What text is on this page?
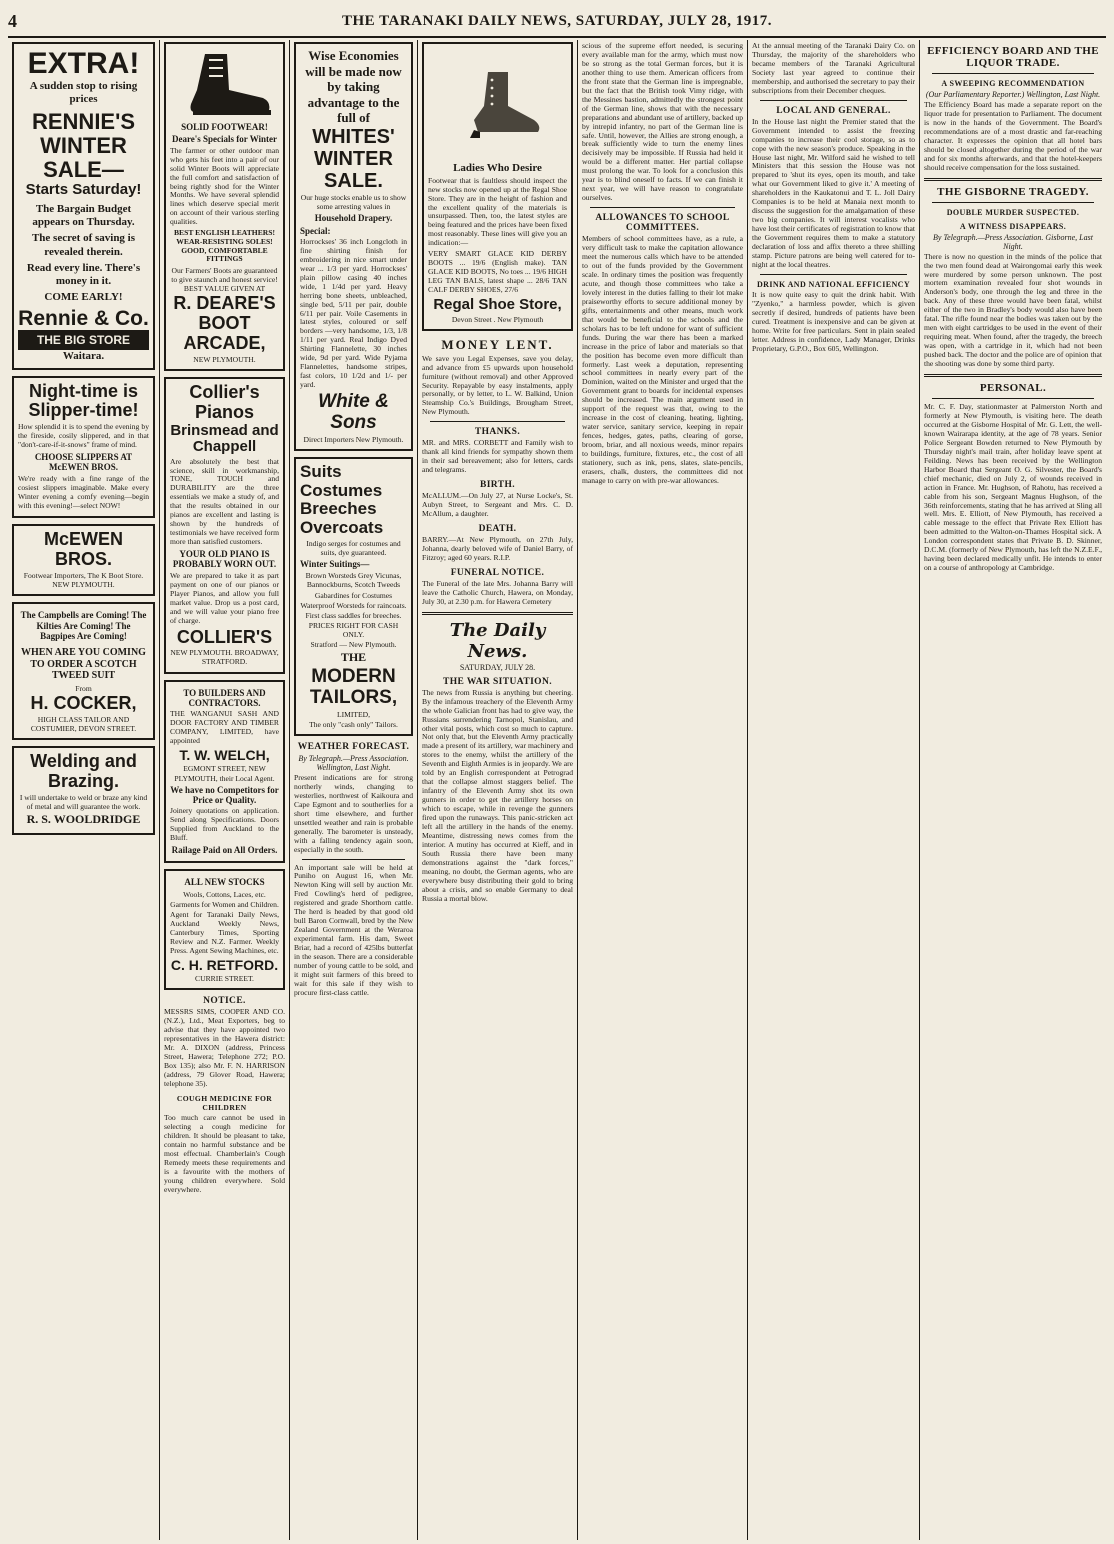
4	THE TARANAKI DAILY NEWS, SATURDAY, JULY 28, 1917.
EXTRA!
A sudden stop to rising prices
RENNIE'S WINTER SALE—
Starts Saturday!
The Bargain Budget appears on Thursday.
The secret of saving is revealed therein.
Read every line. There's money in it.
COME EARLY!
Rennie & Co.
THE BIG STORE
Waitara.
Night-time is Slipper-time!
How splendid it is to spend the evening by the fireside, cosily slippered, and in that "don't-care-if-it-snows" frame of mind.
CHOOSE SLIPPERS AT McEWEN BROS.
We're ready with a fine range of the cosiest slippers imaginable. Make every Winter evening a comfy evening—begin with this evening!—select NOW!
McEWEN BROS.
Footwear Importers, The K Boot Store. NEW PLYMOUTH.
The Campbells are Coming! The Kilties Are Coming! The Bagpipes Are Coming!
WHEN ARE YOU COMING TO ORDER A SCOTCH TWEED SUIT
From
H. COCKER,
HIGH CLASS TAILOR AND COSTUMIER, DEVON STREET.
Welding and Brazing.
I will undertake to weld or braze any kind of metal and will guarantee the work.
R. S. WOOLDRIDGE
SOLID FOOTWEAR!
Deare's Specials for Winter
The farmer or other outdoor man who gets his feet into a pair of our solid Winter Boots will appreciate the full comfort and satisfaction of being rightly shod for the Winter Months. We have several splendid lines which deserve special merit on account of their various sterling qualities.
BEST ENGLISH LEATHERS! WEAR-RESISTING SOLES! GOOD, COMFORTABLE FITTINGS
Our Farmers' Boots are guaranteed to give staunch and honest service! BEST VALUE GIVEN AT
R. DEARE'S BOOT ARCADE,
NEW PLYMOUTH.
Collier's Pianos
Brinsmead and Chappell
Are absolutely the best that science, skill in workmanship, TONE, TOUCH and DURABILITY are the three essentials we make a study of, and that the results obtained in our pianos are excellent and lasting is shown by the hundreds of testimonials we have received form more than satisfied customers.
YOUR OLD PIANO IS PROBABLY WORN OUT.
We are prepared to take it as part payment on one of our pianos or Player Pianos, and allow you full market value. Drop us a post card, and we will value your piano free of charge.
COLLIER'S
NEW PLYMOUTH. BROADWAY, STRATFORD.
TO BUILDERS AND CONTRACTORS.
THE WANGANUI SASH AND DOOR FACTORY AND TIMBER COMPANY, LIMITED, have appointed
T. W. WELCH,
EGMONT STREET, NEW PLYMOUTH, their Local Agent.
We have no Competitors for Price or Quality.
Joinery quotations on application. Send along Specifications. Doors Supplied from Auckland to the Bluff.
Railage Paid on All Orders.
ALL NEW STOCKS
Wools, Cottons, Laces, etc.
Garments for Women and Children.
Agent for Taranaki Daily News, Auckland Weekly News, Canterbury Times, Sporting Review and N.Z. Farmer. Weekly Press. Agent Sewing Machines, etc.
C. H. RETFORD.
CURRIE STREET.
NOTICE.
MESSRS SIMS, COOPER AND CO. (N.Z.), Ltd., Meat Exporters, beg to advise that they have appointed two representatives in the Hawera district: Mr. A. DIXON (address, Princess Street, Hawera; Telephone 272; P.O. Box 135); also Mr. F. N. HARRISON (address, 79 Glover Road, Hawera; telephone 35).
COUGH MEDICINE FOR CHILDREN
Too much care cannot be used in selecting a cough medicine for children. It should be pleasant to take, contain no harmful substance and be most effectual. Chamberlain's Cough Remedy meets these requirements and is a favourite with the mothers of young children everywhere. Sold everywhere.
Wise Economies will be made now by taking advantage to the full of
WHITES' WINTER SALE.
Our huge stocks enable us to show some arresting values in
Household Drapery.
Special:
Horrockses' 36 inch Longcloth in fine shirting finish for embroidering in nice smart under wear ... 1/3 per yard. Horrockses' plain pillow casing 40 inches wide, 1 1/4d per yard. Heavy herring bone sheets, unbleached, single bed, 5/11 per pair, double 6/11 per pair. Voile Casements in latest styles, coloured or self borders —very handsome, 1/3, 1/8 1/11 per yard. Real Indigo Dyed Shirting Flannelette, 30 inches wide, 9d per yard. Wide Pyjama Flannelettes, handsome stripes, fast colors, 10 1/2d and 1/- per yard.
White & Sons
Direct Importers New Plymouth.
Suits Costumes Breeches Overcoats
Indigo serges for costumes and suits, dye guaranteed.
Winter Suitings—
Brown Worsteds Grey Vicunas, Bannockburns, Scotch Tweeds
Gabardines for Costumes
Waterproof Worsteds for raincoats.
First class saddles for breeches.
PRICES RIGHT FOR CASH ONLY.
Stratford — New Plymouth.
THE
MODERN TAILORS,
LIMITED,
The only "cash only" Tailors.
WEATHER FORECAST.
By Telegraph.—Press Association. Wellington, Last Night.
Present indications are for strong northerly winds, changing to westerlies, northwest of Kaikoura and Cape Egmont and to southerlies for a short time elsewhere, and further unsettled weather and rain is probable generally. The barometer is unsteady, with a falling tendency again soon, especially in the south.
An important sale will be held at Puniho on August 16, when Mr. Newton King will sell by auction Mr. Fred Cowling's herd of pedigree, registered and grade Shorthorn cattle. The herd is headed by that good old bull Baron Cornwall, bred by the New Zealand Government at the Weraroa experimental farm. His dam, Sweet Briar, had a record of 425lbs butterfat in the season. There are a considerable number of young cattle to be sold, and it might suit farmers of this breed to wait for this sale if they wish to procure first-class cattle.
Ladies Who Desire
Footwear that is faultless should inspect the new stocks now opened up at the Regal Shoe Store. They are in the height of fashion and the excellent quality of the materials is unsurpassed. Then, too, the latest styles are being featured and the prices have been fixed most reasonably. These lines will give you an indication:—
VERY SMART GLACE KID DERBY BOOTS ... 19/6 (English make). TAN GLACE KID BOOTS, No toes ... 19/6 HIGH LEG TAN BALS, latest shape ... 28/6 TAN CALF DERBY SHOES, 27/6
Regal Shoe Store,
Devon Street . New Plymouth
MONEY LENT.
We save you Legal Expenses, save you delay, and advance from £5 upwards upon household furniture (without removal) and other Approved Security. Repayable by easy instalments, apply personally, or by letter, to L. W. Balkind, Union Steamship Co.'s Buildings, Brougham Street, New Plymouth.
THANKS.
MR. and MRS. CORBETT and Family wish to thank all kind friends for sympathy shown them in their sad bereavement; also for letters, cards and telegrams.
BIRTH.
McALLUM.—On July 27, at Nurse Locke's, St. Aubyn Street, to Sergeant and Mrs. C. D. McAllum, a daughter.
DEATH.
BARRY.—At New Plymouth, on 27th July, Johanna, dearly beloved wife of Daniel Barry, of Fitzroy; aged 60 years. R.I.P.
FUNERAL NOTICE.
The Funeral of the late Mrs. Johanna Barry will leave the Catholic Church, Hawera, on Monday, July 30, at 2.30 p.m. for Hawera Cemetery
The Daily News.
SATURDAY, JULY 28.
THE WAR SITUATION.
The news from Russia is anything but cheering. By the infamous treachery of the Eleventh Army the whole Galician front has had to give way, the Russians surrendering Tarnopol, Stanislau, and other vital posts, which cost so much to capture. Not only that, but the Eleventh Army practically made a present of its artillery, war machinery and stores to the enemy, whilst the artillery of the Seventh and Eighth Armies is in jeopardy. We are told by an English correspondent at Petrograd that the collapse almost staggers belief. The infantry of the Eleventh Army shot its own gunners in order to get the artillery horses on which to escape, while in revenge the gunners fired upon the runaways. This panic-stricken act left all the artillery in the hands of the enemy. Meantime, distressing news comes from the interior. A mutiny has occurred at Kieff, and in South Russia there have been many demonstrations against the "dark forces," meaning, no doubt, the German agents, who are everywhere busy distributing their gold to bring about a crisis, and so enable Germany to deal Russia a mortal blow.
scious of the supreme effort needed, is securing every available man for the army, which must now be so strong as the total German forces, but it is another thing to use them. American officers from the front state that the German line is impregnable, but the fact that the British took Vimy ridge, with the Messines bastion, admittedly the strongest point of the German line, shows that with the necessary preparations and abundant use of artillery, backed up by intrepid infantry, no part of the German line is safe. Until, however, the Allies are strong enough, a break sufficiently wide to turn the enemy lines decisively may be impossible. If Russia had held it would be a different matter. Her partial collapse must prolong the war. To look for a conclusion this year is to blind oneself to facts. If we can finish it next year, we will have reason to congratulate ourselves.
ALLOWANCES TO SCHOOL COMMITTEES.
Members of school committees have, as a rule, a very difficult task to make the capitation allowance meet the numerous calls which have to be attended to out of the funds provided by the Government scale. In ordinary times the position was frequently acute, and though those committees who take a lovely interest in the duties falling to their lot make praiseworthy efforts to secure additional money by gifts, entertainments and other means, much work that would be beneficial to the schools and the scholars has to be left undone for want of sufficient funds. During the war there has been a marked increase in the price of labor and materials so that the position has become even more difficult than formerly. Last week a deputation, representing school committees in nearly every part of the Dominion, waited on the Minister and urged that the Government grant to boards for incidental expenses should be increased. The main argument used in support of the request was that, owing to the increase in the cost of cleaning, heating, lighting, water service, sanitary service, keeping in repair fences, hedges, gates, paths, clearing of gorse, broom, briar, and all noxious weeds, minor repairs to buildings, furniture, fixtures, etc., the cost of all stationery, such as ink, pens, slates, slate-pencils, erasers, chalk, dusters, the committees did not manage to carry on with pre-war allowances.
At the annual meeting of the Taranaki Dairy Co. on Thursday, the majority of the shareholders who became members of the Taranaki Agricultural Society last year agreed to continue their membership, and authorised the secretary to pay their subscriptions from their December cheques.
LOCAL AND GENERAL.
In the House last night the Premier stated that the Government intended to assist the freezing companies to increase their cool storage, so as to cope with the new season's produce. Speaking in the House last night, Mr. Wilford said he wished to tell Ministers that this session the House was not prepared to 'shut its eyes, open its mouth, and take what our Government liked to give it.' A meeting of shareholders in the Kaukatonui and T. L. Joll Dairy Companies is to be held at Manaia next month to discuss the suggestion for the amalgamation of these two big companies. It will interest vocalists who have lost their certificates of registration to know that the Government requires them to make a statutory declaration of loss and affix thereto a three shilling stamp. Picture patrons are being well catered for to-night at the local theatres.
DRINK AND NATIONAL EFFICIENCY
It is now quite easy to quit the drink habit. With "Zyenko," a harmless powder, which is given secretly if desired, hundreds of patients have been cured. Treatment is inexpensive and can be given at home. Write for free particulars. Sent in plain sealed letter. Address in confidence, Lady Manager, Drinks Proprietary, G.P.O., Box 605, Wellington.
EFFICIENCY BOARD AND THE LIQUOR TRADE.
A SWEEPING RECOMMENDATION
(Our Parliamentary Reporter.) Wellington, Last Night.
The Efficiency Board has made a separate report on the liquor trade for presentation to Parliament. The document is now in the hands of the Government. The Board's recommendations are of a most drastic and far-reaching character. It expresses the opinion that all hotel bars should be closed altogether during the period of the war and for six months afterwards, and that the hotel-keepers should receive compensation for the loss sustained.
THE GISBORNE TRAGEDY.
DOUBLE MURDER SUSPECTED.
A WITNESS DISAPPEARS.
By Telegraph.—Press Association. Gisborne, Last Night.
There is now no question in the minds of the police that the two men found dead at Wairongomai early this week were murdered by some person unknown. The post mortem examination revealed four shot wounds in Anderson's body, one through the leg and three in the back. Any of these three would have been fatal, whilst either of the two in Bradley's body would also have been fatal. The rifle found near the bodies was taken out by the men with eight cartridges to be used in the event of their requiring meat. When found, after the tragedy, the breech was open, with a cartridge in it, which had not been pushed back. The doctor and the police are of opinion that the shooting was done by some third party.
PERSONAL.
Mr. C. F. Day, stationmaster at Palmerston North and formerly at New Plymouth, is visiting here. The death occurred at the Gisborne Hospital of Mr. G. Lett, the well-known Wairarapa identity, at the age of 78 years. Senior Police Sergeant Bowden returned to New Plymouth by Thursday night's mail train, after holiday leave spent at Feilding. News has been received by the Wellington Harbor Board that Sergeant O. G. Silvester, the Board's chief mechanic, died on July 2, of wounds received in action in France. Mr. Hughson, of Rahotu, has received a cable from his son, Sergeant Magnus Hughson, of the 36th reinforcements, stating that he has arrived at Sling all well. Mrs. E. Elliott, of New Plymouth, has received a cable message to the effect that Private Rex Elliott has been admitted to the Walton-on-Thames Hospital sick. A London correspondent states that Private B. D. Skinner, D.C.M. (formerly of New Plymouth, has left the N.Z.E.F., having been declared medically unfit. He intends to enter on a course of anthropology at Cambridge.
